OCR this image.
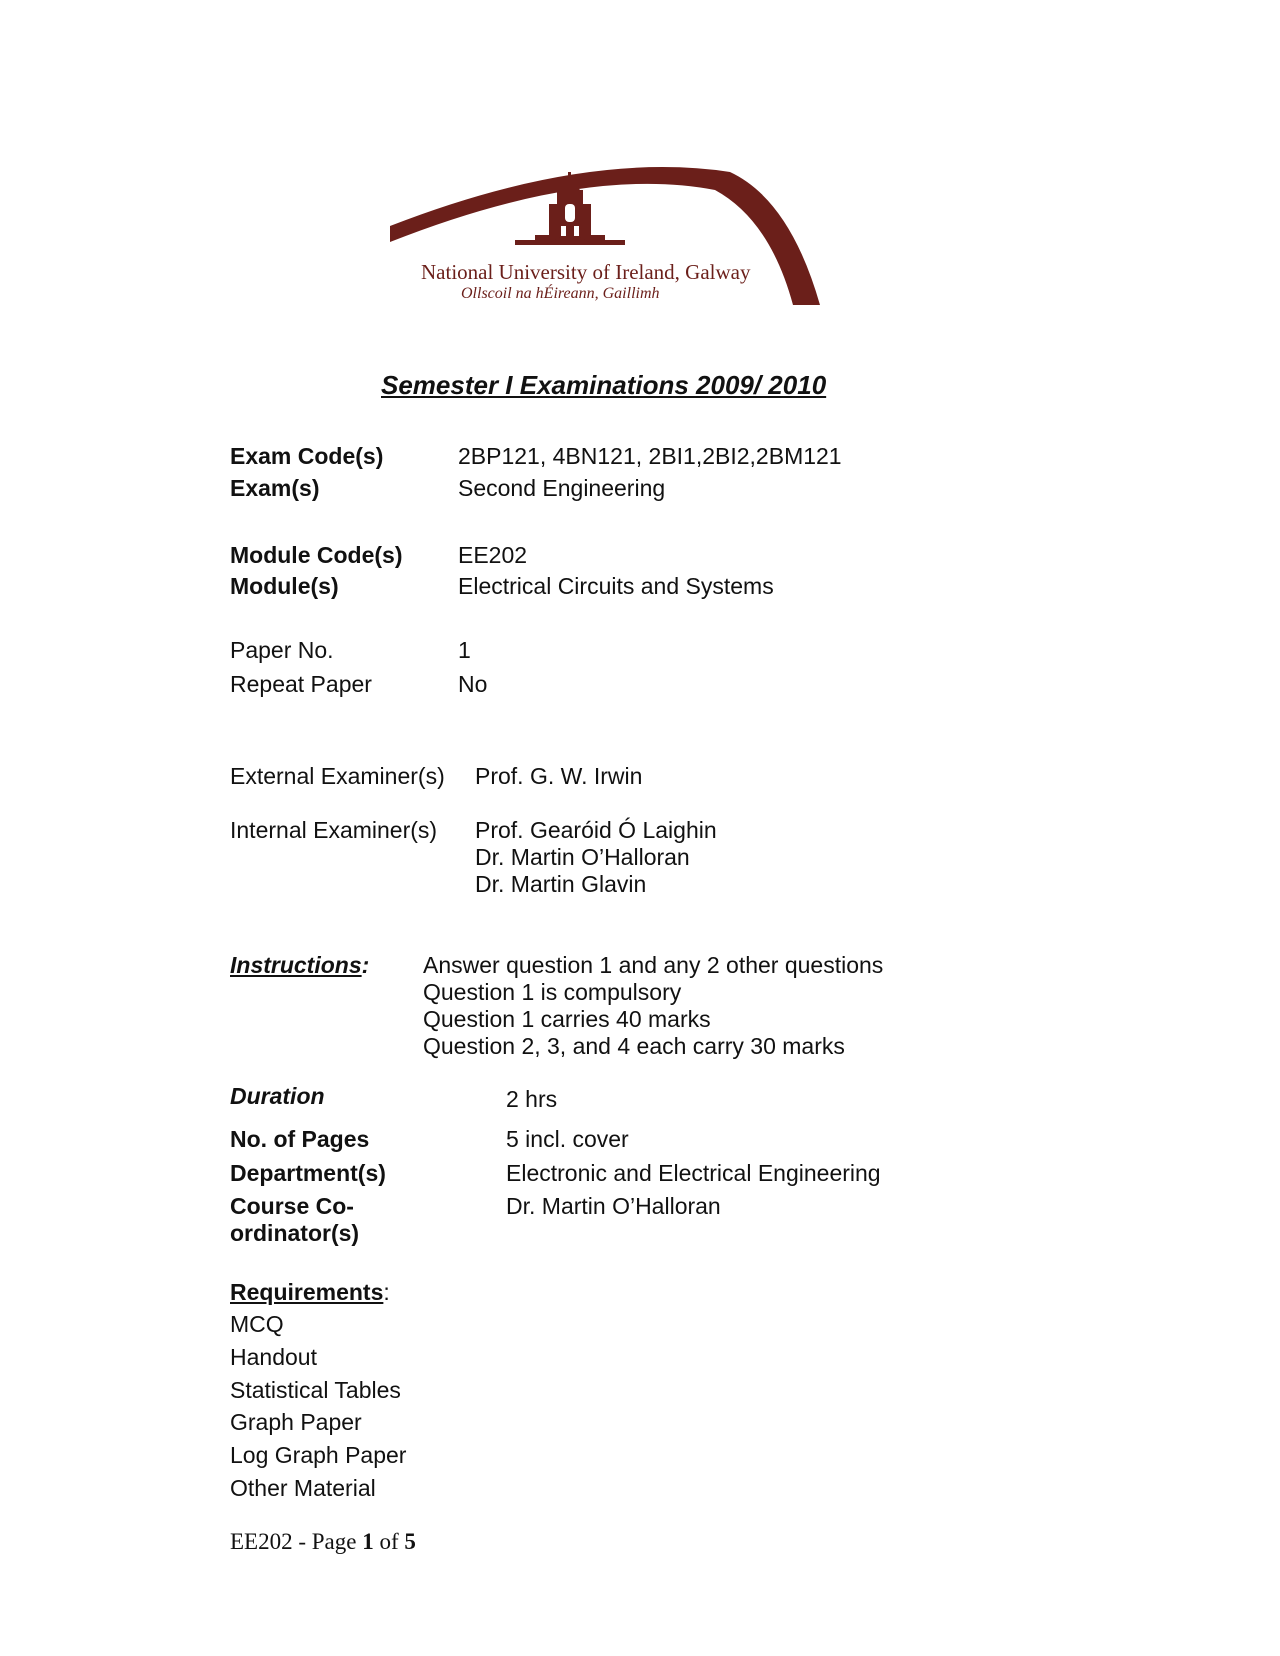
National University of Ireland, Galway
Ollscoil na hÉireann, Gaillimh
Semester I Examinations 2009/ 2010
Exam Code(s)	2BP121, 4BN121, 2BI1,2BI2,2BM121
Exam(s)	Second Engineering
Module Code(s) EE202
Module(s)	Electrical Circuits and Systems
Paper No.	1
Repeat Paper	No
External Examiner(s) Prof. G. W. Irwin
Internal Examiner(s) Prof. Gearóid Ó Laighin
Dr. Martin O’Halloran
Dr. Martin Glavin
Instructions: Answer question 1 and any 2 other questions
Question 1 is compulsory
Question 1 carries 40 marks
Question 2, 3, and 4 each carry 30 marks
Duration	2 hrs
No. of Pages	5 incl. cover
Department(s)	Electronic and Electrical Engineering
Course Co-
ordinator(s)
Dr. Martin O’Halloran
Requirements:
MCQ
Handout
Statistical Tables
Graph Paper
Log Graph Paper
Other Material
EE202 - Page 1 of 5
